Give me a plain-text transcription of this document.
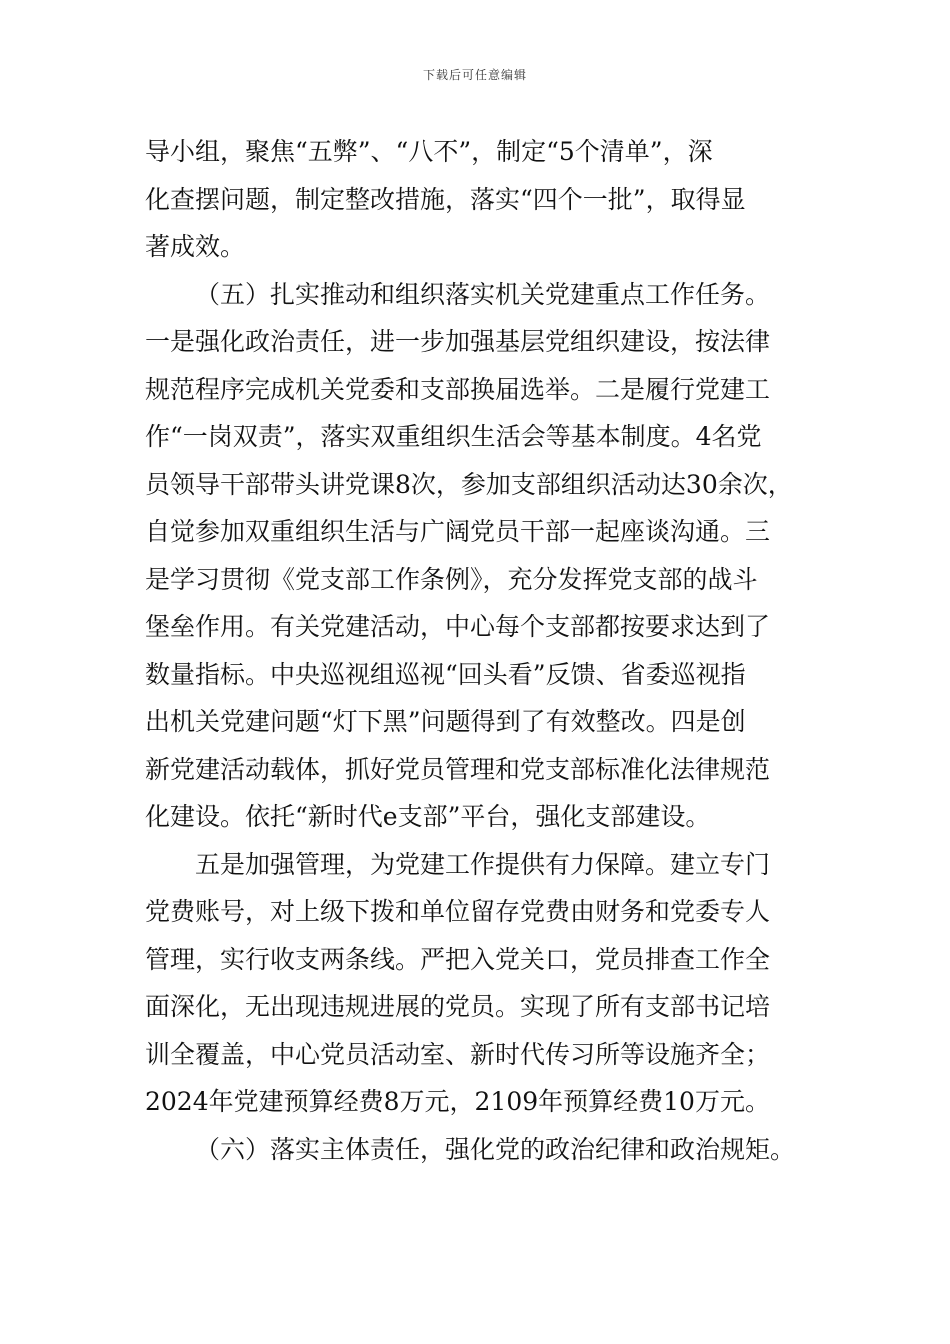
下载后可任意编辑
导小组，聚焦“五弊”、“八不”，制定“5个清单”，深
化查摆问题，制定整改措施，落实“四个一批”，取得显
著成效。
（五）扎实推动和组织落实机关党建重点工作任务。
一是强化政治责任，进一步加强基层党组织建设，按法律
规范程序完成机关党委和支部换届选举。二是履行党建工
作“一岗双责”，落实双重组织生活会等基本制度。4名党
员领导干部带头讲党课8次，参加支部组织活动达30余次，
自觉参加双重组织生活与广阔党员干部一起座谈沟通。三
是学习贯彻《党支部工作条例》，充分发挥党支部的战斗
堡垒作用。有关党建活动，中心每个支部都按要求达到了
数量指标。中央巡视组巡视“回头看”反馈、省委巡视指
出机关党建问题“灯下黑”问题得到了有效整改。四是创
新党建活动载体，抓好党员管理和党支部标准化法律规范
化建设。依托“新时代e支部”平台，强化支部建设。
五是加强管理，为党建工作提供有力保障。建立专门
党费账号，对上级下拨和单位留存党费由财务和党委专人
管理，实行收支两条线。严把入党关口，党员排查工作全
面深化，无出现违规进展的党员。实现了所有支部书记培
训全覆盖，中心党员活动室、新时代传习所等设施齐全；
2024年党建预算经费8万元，2109年预算经费10万元。
（六）落实主体责任，强化党的政治纪律和政治规矩。
